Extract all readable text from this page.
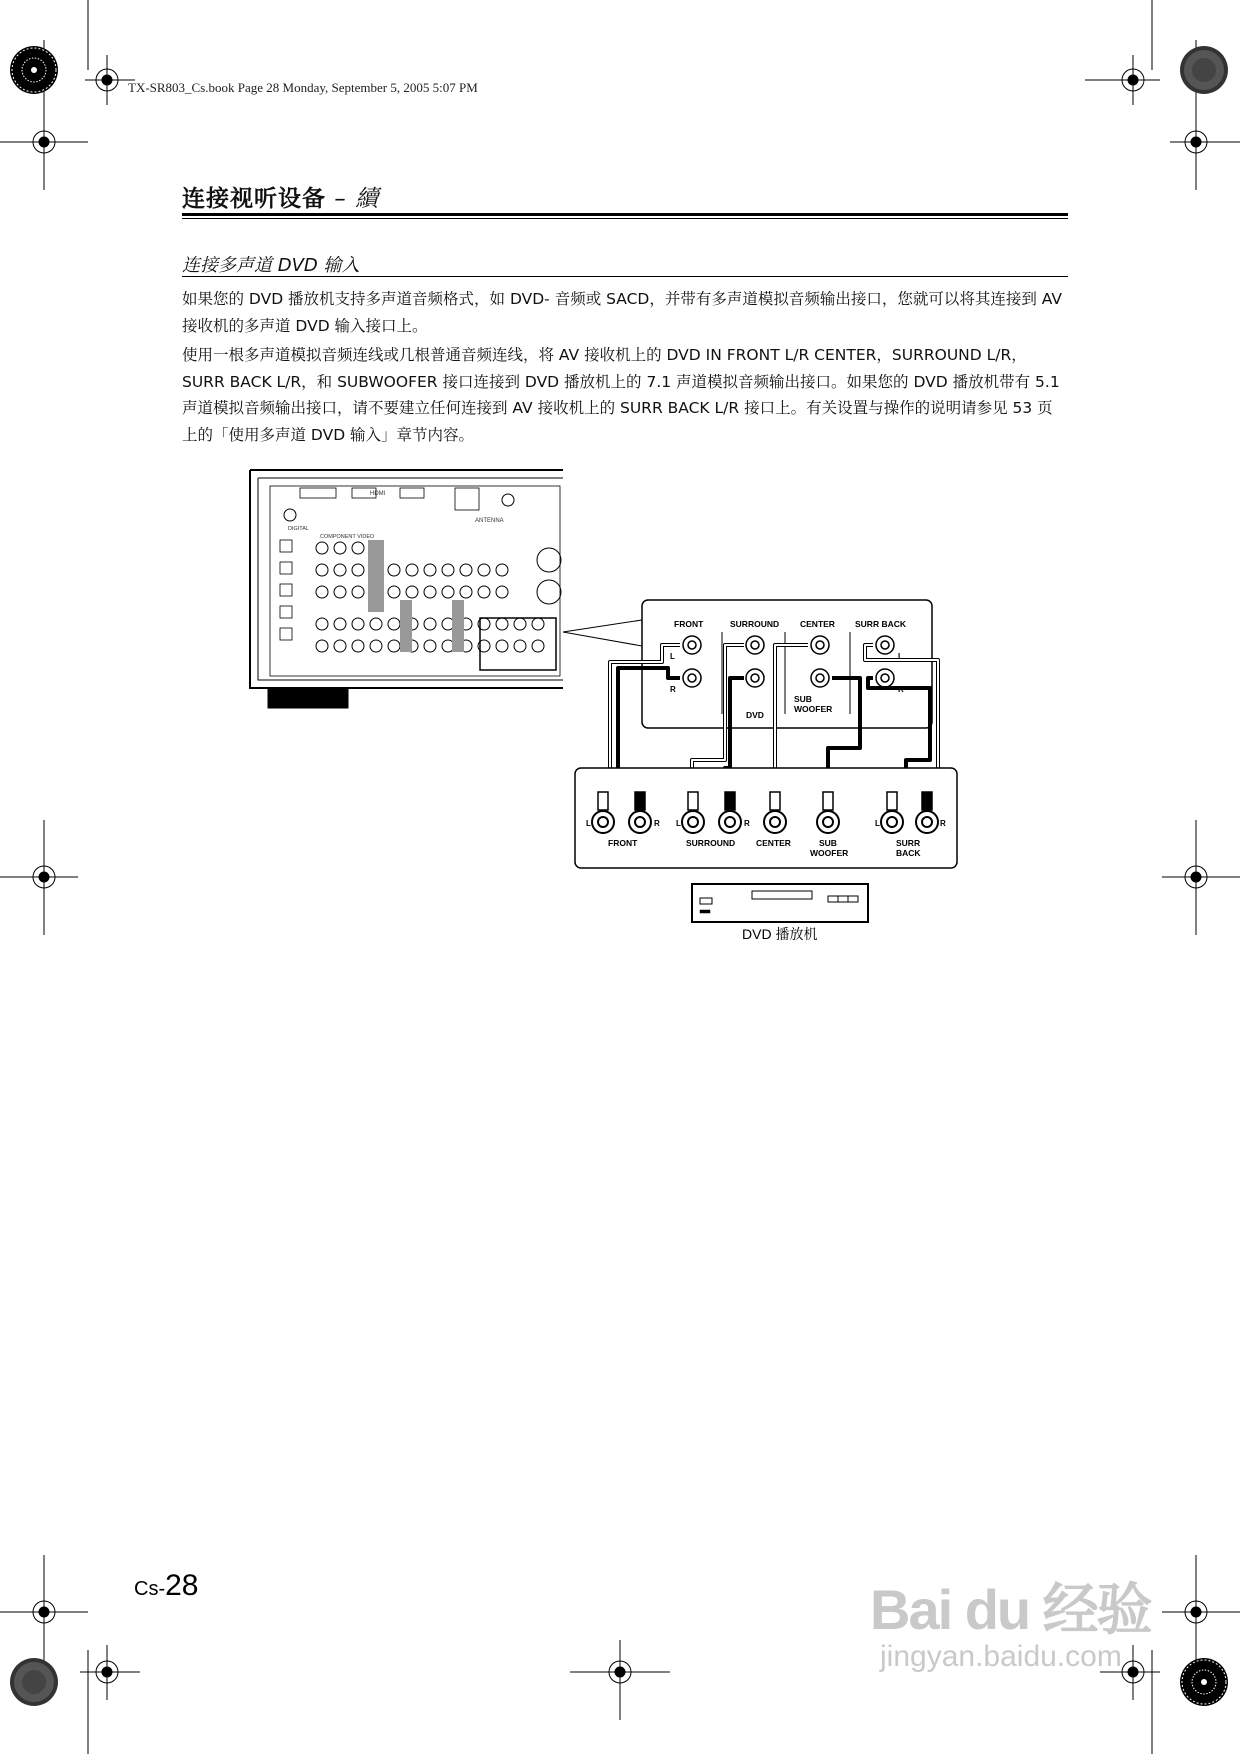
TX-SR803_Cs.book Page 28 Monday, September 5, 2005 5:07 PM
连接视听设备 – 續
连接多声道 DVD 输入

如果您的 DVD 播放机支持多声道音频格式，如 DVD- 音频或 SACD，并带有多声道模拟音频输出接口，您就可以将其连接到 AV 接收机的多声道 DVD 输入接口上。

使用一根多声道模拟音频连线或几根普通音频连线，将 AV 接收机上的 DVD IN FRONT L/R CENTER，SURROUND L/R，SURR BACK L/R，和 SUBWOOFER 接口连接到 DVD 播放机上的 7.1 声道模拟音频输出接口。如果您的 DVD 播放机带有 5.1 声道模拟音频输出接口，请不要建立任何连接到 AV 接收机上的 SURR BACK L/R 接口上。有关设置与操作的说明请参见 53 页上的「使用多声道 DVD 输入」章节内容。

HDMI
COMPONENT VIDEO
DIGITAL
ANTENNA
FRONT	SURROUND CENTER SURR BACK
SUB
WOOFER
DVD
L
R
L
R
L	R L	R	L	R
FRONT	SURROUND CENTER	SUB
WOOFER
SURR
BACK
DVD 播放机
Cs-28	Bai du 经验
jingyan.baidu.com
